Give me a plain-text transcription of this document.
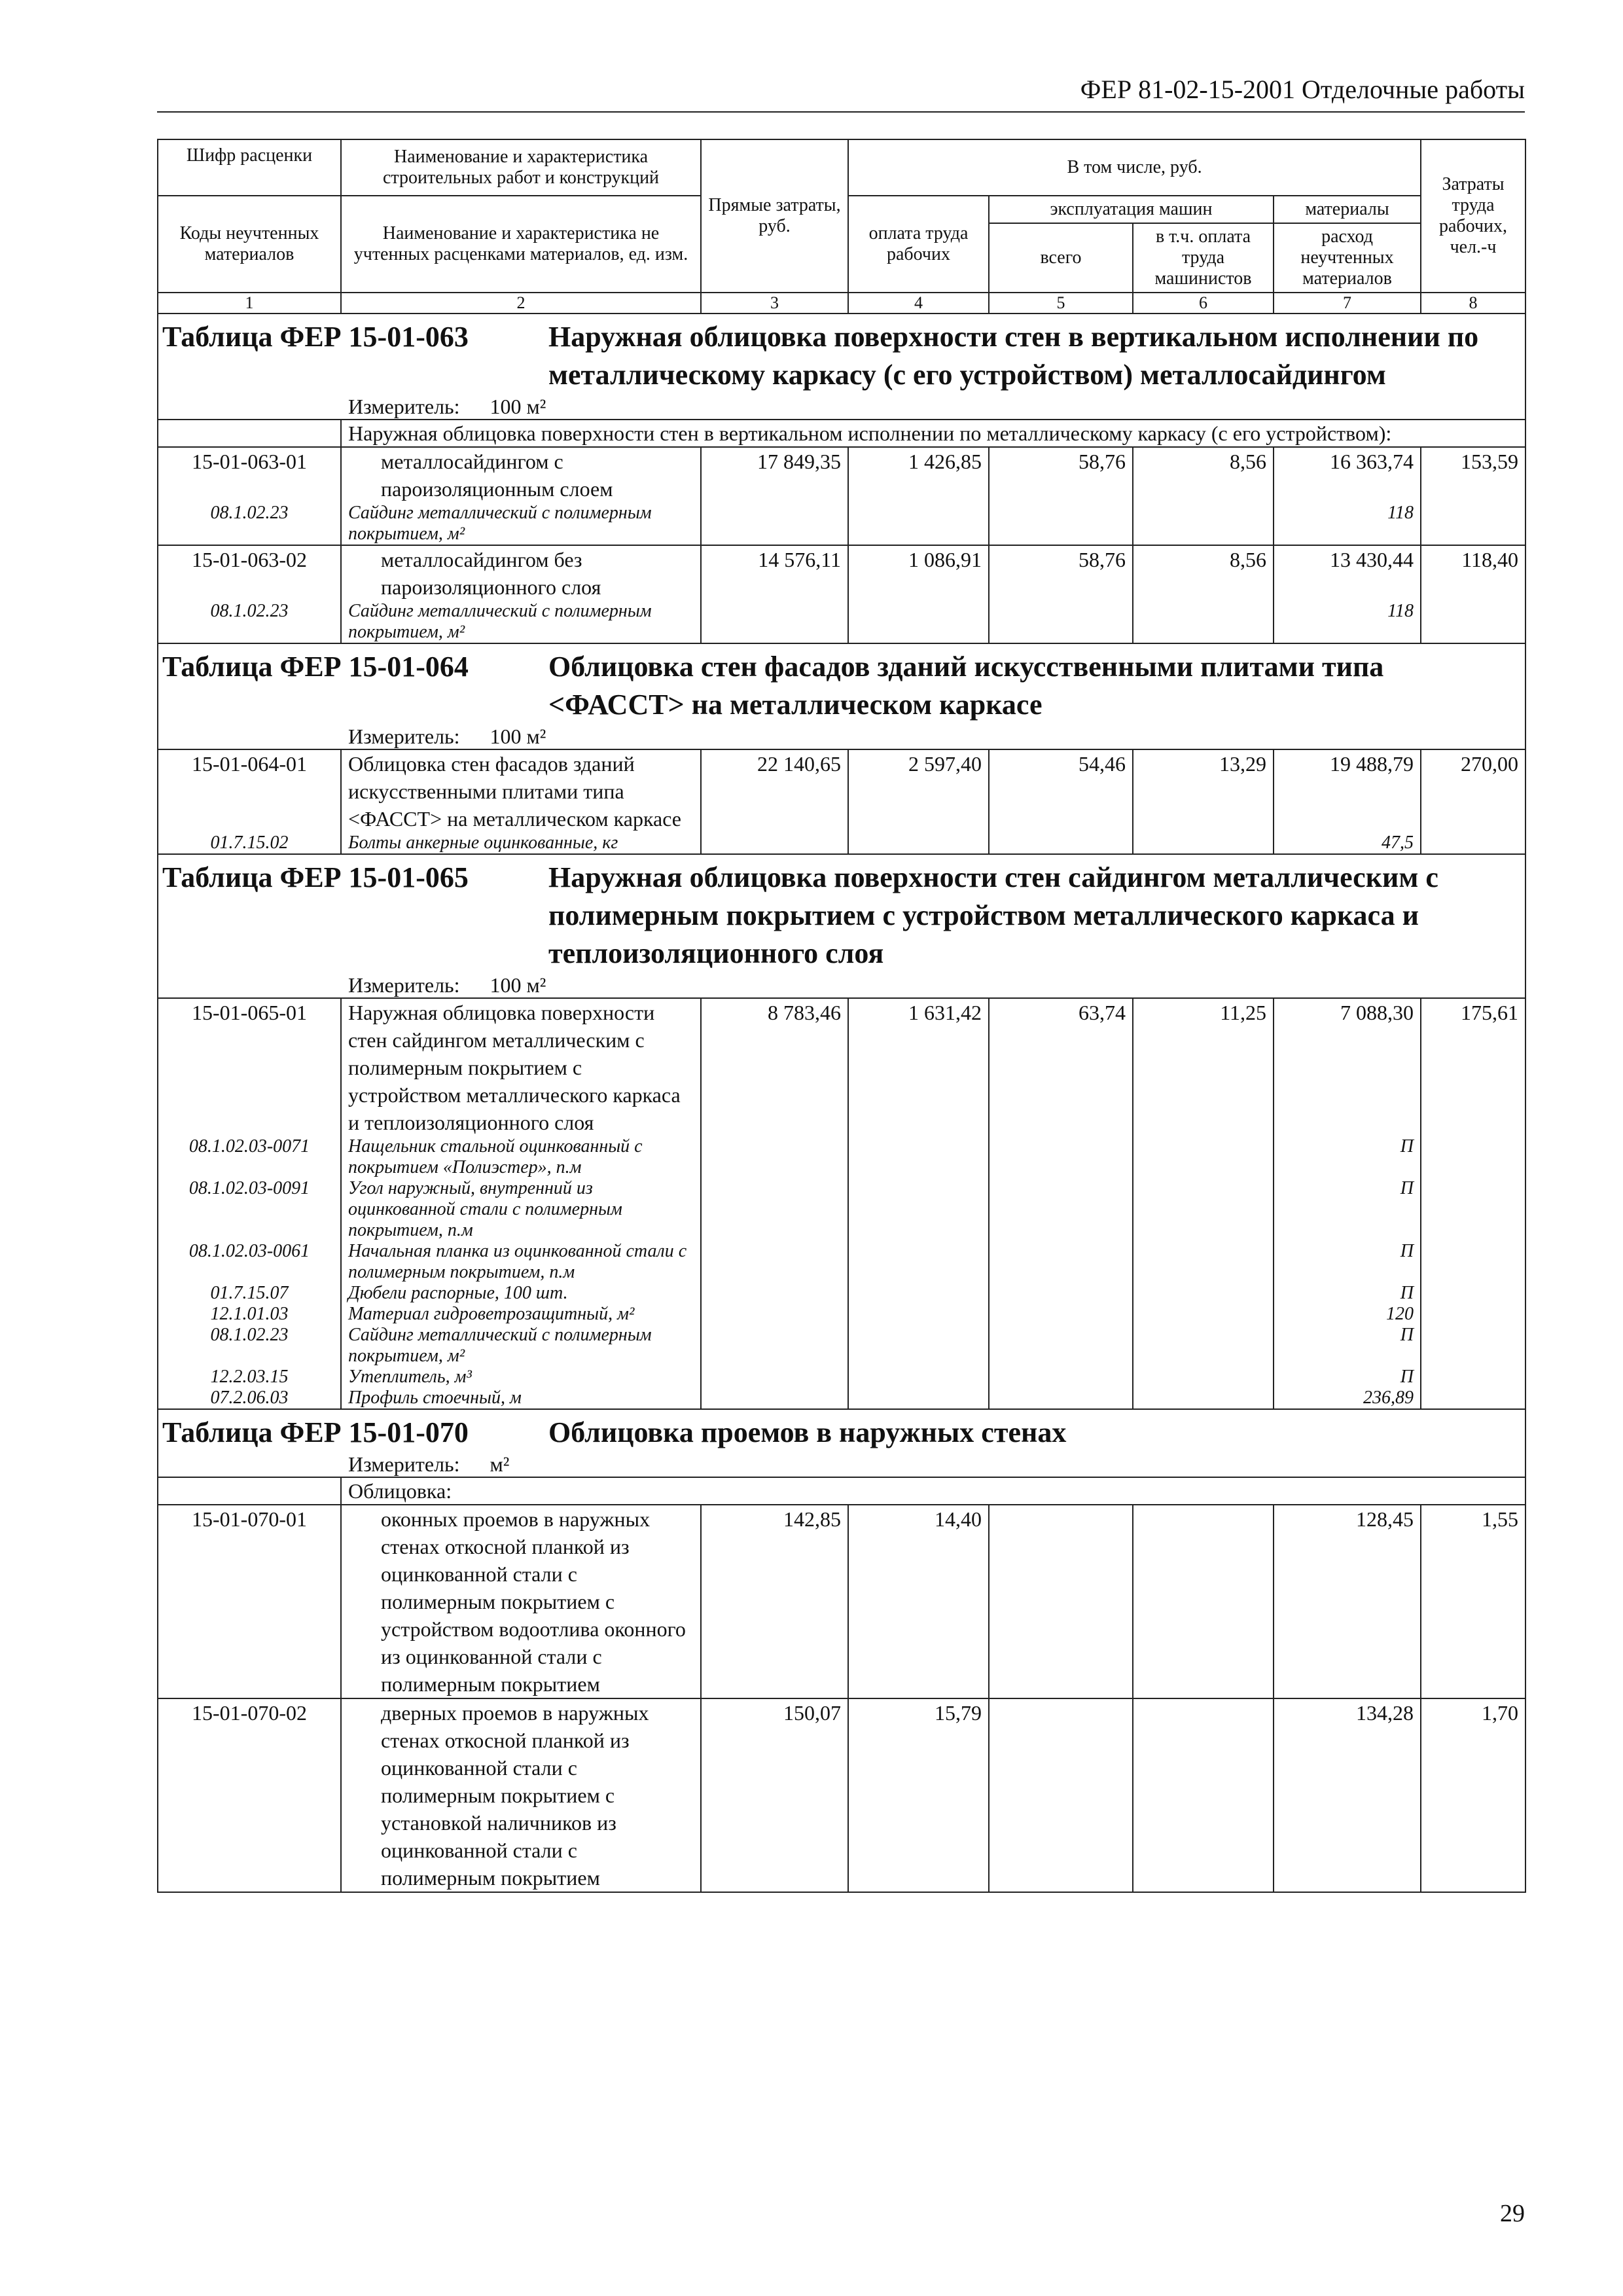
ФЕР 81-02-15-2001 Отделочные работы
Шифр расценки	Наименование и характеристика строительных работ и конструкций	Прямые затраты, руб.	В том числе, руб.				Затраты труда рабочих, чел.-ч
Коды неучтенных материалов	Наименование и характеристика не учтенных расценками материалов, ед. изм.		оплата труда рабочих	эксплуатация машин		материалы	
				всего	в т.ч. оплата труда машинистов	расход неучтенных материалов	
1	2	3	4	5	6	7	8

Таблица ФЕР 15-01-063 Наружная облицовка поверхности стен в вертикальном исполнении по металлическому каркасу (с его устройством) металлосайдингом							

Измеритель: 100 м²							
	Наружная облицовка поверхности стен в вертикальном исполнении по металлическому каркасу (с его устройством):						
15-01-063-01	металлосайдингом с пароизоляционным слоем	17 849,35	1 426,85	58,76	8,56	16 363,74	153,59
08.1.02.23	Сайдинг металлический с полимерным покрытием, м²					118	
15-01-063-02	металлосайдингом без пароизоляционного слоя	14 576,11	1 086,91	58,76	8,56	13 430,44	118,40
08.1.02.23	Сайдинг металлический с полимерным покрытием, м²					118	

Таблица ФЕР 15-01-064 Облицовка стен фасадов зданий искусственными плитами типа <ФАССТ> на металлическом каркасе							

Измеритель: 100 м²							
15-01-064-01	Облицовка стен фасадов зданий искусственными плитами типа <ФАССТ> на металлическом каркасе	22 140,65	2 597,40	54,46	13,29	19 488,79	270,00
01.7.15.02	Болты анкерные оцинкованные, кг					47,5	

Таблица ФЕР 15-01-065 Наружная облицовка поверхности стен сайдингом металлическим с полимерным покрытием с устройством металлического каркаса и теплоизоляционного слоя							

Измеритель: 100 м²							
15-01-065-01	Наружная облицовка поверхности стен сайдингом металлическим с полимерным покрытием с устройством металлического каркаса и теплоизоляционного слоя	8 783,46	1 631,42	63,74	11,25	7 088,30	175,61
08.1.02.03-0071	Нащельник стальной оцинкованный с покрытием «Полиэстер», п.м					П	
08.1.02.03-0091	Угол наружный, внутренний из оцинкованной стали с полимерным покрытием, п.м					П	
08.1.02.03-0061	Начальная планка из оцинкованной стали с полимерным покрытием, п.м					П	
01.7.15.07	Дюбели распорные, 100 шт.					П	
12.1.01.03	Материал гидроветрозащитный, м²					120	
08.1.02.23	Сайдинг металлический с полимерным покрытием, м²					П	
12.2.03.15	Утеплитель, м³					П	
07.2.06.03	Профиль стоечный, м					236,89	

Таблица ФЕР 15-01-070 Облицовка проемов в наружных стенах							

Измеритель: м²							
	Облицовка:						
15-01-070-01	оконных проемов в наружных стенах откосной планкой из оцинкованной стали с полимерным покрытием с устройством водоотлива оконного из оцинкованной стали с полимерным покрытием	142,85	14,40			128,45	1,55
15-01-070-02	дверных проемов в наружных стенах откосной планкой из оцинкованной стали с полимерным покрытием с установкой наличников из оцинкованной стали с полимерным покрытием	150,07	15,79			134,28	1,70
29
